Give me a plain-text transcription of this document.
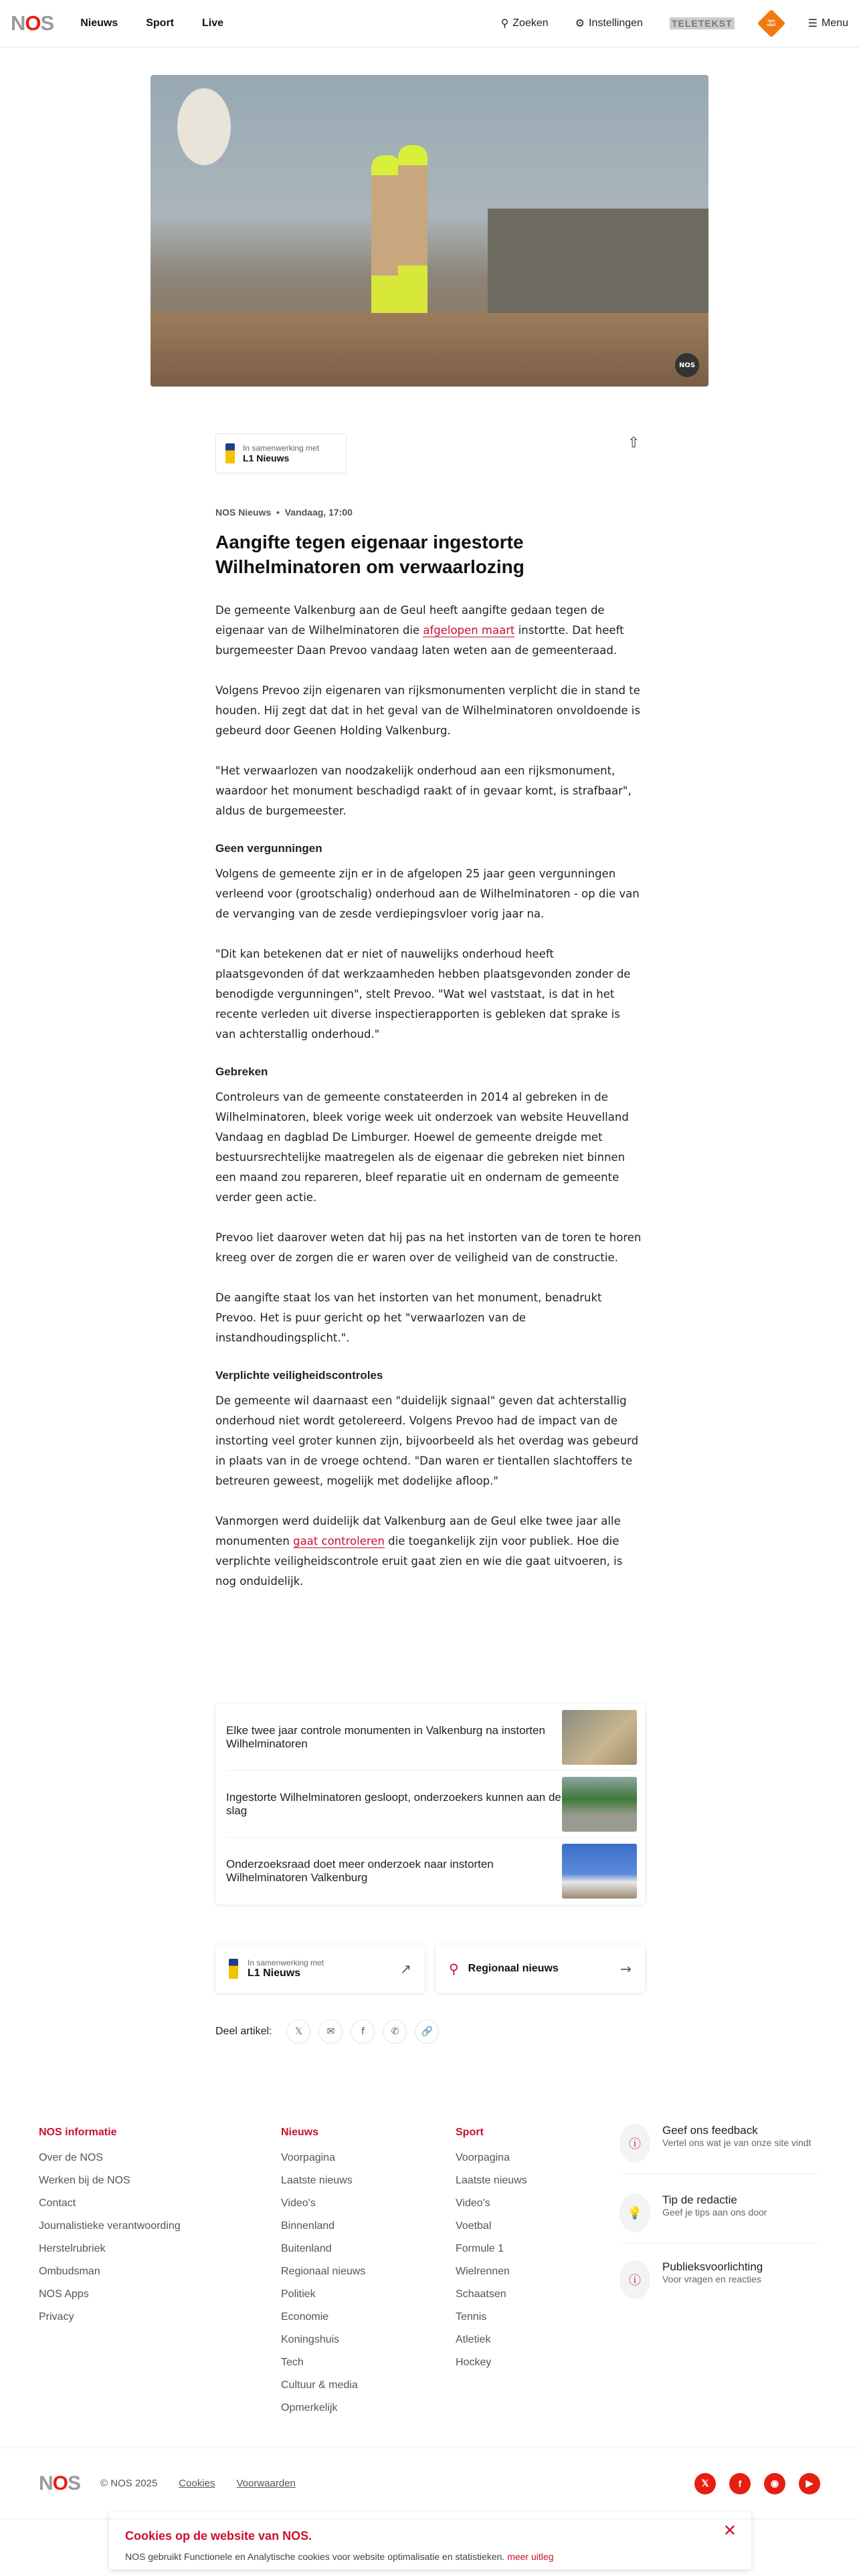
NOS	Nieuws	Sport	Live	⚲ Zoeken	⚙ Instellingen	TELETEKST	npo start	☰ Menu
NOS
In samenwerking met
L1 Nieuws
⇧
NOS Nieuws  •  Vandaag, 17:00
Aangifte tegen eigenaar ingestorte Wilhelminatoren om verwaarlozing

De gemeente Valkenburg aan de Geul heeft aangifte gedaan tegen de eigenaar van de Wilhelminatoren die afgelopen maart instortte. Dat heeft burgemeester Daan Prevoo vandaag laten weten aan de gemeenteraad.

Volgens Prevoo zijn eigenaren van rijksmonumenten verplicht die in stand te houden. Hij zegt dat dat in het geval van de Wilhelminatoren onvoldoende is gebeurd door Geenen Holding Valkenburg.

"Het verwaarlozen van noodzakelijk onderhoud aan een rijksmonument, waardoor het monument beschadigd raakt of in gevaar komt, is strafbaar", aldus de burgemeester.

Geen vergunningen

Volgens de gemeente zijn er in de afgelopen 25 jaar geen vergunningen verleend voor (grootschalig) onderhoud aan de Wilhelminatoren - op die van de vervanging van de zesde verdiepingsvloer vorig jaar na.

"Dit kan betekenen dat er niet of nauwelijks onderhoud heeft plaatsgevonden óf dat werkzaamheden hebben plaatsgevonden zonder de benodigde vergunningen", stelt Prevoo. "Wat wel vaststaat, is dat in het recente verleden uit diverse inspectierapporten is gebleken dat sprake is van achterstallig onderhoud."

Gebreken

Controleurs van de gemeente constateerden in 2014 al gebreken in de Wilhelminatoren, bleek vorige week uit onderzoek van website Heuvelland Vandaag en dagblad De Limburger. Hoewel de gemeente dreigde met bestuursrechtelijke maatregelen als de eigenaar die gebreken niet binnen een maand zou repareren, bleef reparatie uit en ondernam de gemeente verder geen actie.

Prevoo liet daarover weten dat hij pas na het instorten van de toren te horen kreeg over de zorgen die er waren over de veiligheid van de constructie.

De aangifte staat los van het instorten van het monument, benadrukt Prevoo. Het is puur gericht op het "verwaarlozen van de instandhoudingsplicht.".

Verplichte veiligheidscontroles

De gemeente wil daarnaast een "duidelijk signaal" geven dat achterstallig onderhoud niet wordt getolereerd. Volgens Prevoo had de impact van de instorting veel groter kunnen zijn, bijvoorbeeld als het overdag was gebeurd in plaats van in de vroege ochtend. "Dan waren er tientallen slachtoffers te betreuren geweest, mogelijk met dodelijke afloop."

Vanmorgen werd duidelijk dat Valkenburg aan de Geul elke twee jaar alle monumenten gaat controleren die toegankelijk zijn voor publiek. Hoe die verplichte veiligheidscontrole eruit gaat zien en wie die gaat uitvoeren, is nog onduidelijk.

Elke twee jaar controle monumenten in Valkenburg na instorten Wilhelminatoren
Ingestorte Wilhelminatoren gesloopt, onderzoekers kunnen aan de slag
Onderzoeksraad doet meer onderzoek naar instorten Wilhelminatoren Valkenburg
In samenwerking met
L1 Nieuws	↗	⚲ Regionaal nieuws	→
Deel artikel:	𝕏	✉	f	✆	🔗
NOS informatie
Over de NOS
Werken bij de NOS
Contact
Journalistieke verantwoording
Herstelrubriek
Ombudsman
NOS Apps
Privacy
Nieuws
Voorpagina
Laatste nieuws
Video's
Binnenland
Buitenland
Regionaal nieuws
Politiek
Economie
Koningshuis
Tech
Cultuur & media
Opmerkelijk
Sport
Voorpagina
Laatste nieuws
Video's
Voetbal
Formule 1
Wielrennen
Schaatsen
Tennis
Atletiek
Hockey
ⓘ
Geef ons feedback
Vertel ons wat je van onze site vindt
💡
Tip de redactie
Geef je tips aan ons door
ⓘ
Publieksvoorlichting
Voor vragen en reacties
NOS © NOS 2025 Cookies Voorwaarden	𝕏	f	◉	▶
Cookies op de website van NOS.

NOS gebruikt Functionele en Analytische cookies voor website optimalisatie en statistieken. meer uitleg

✕
